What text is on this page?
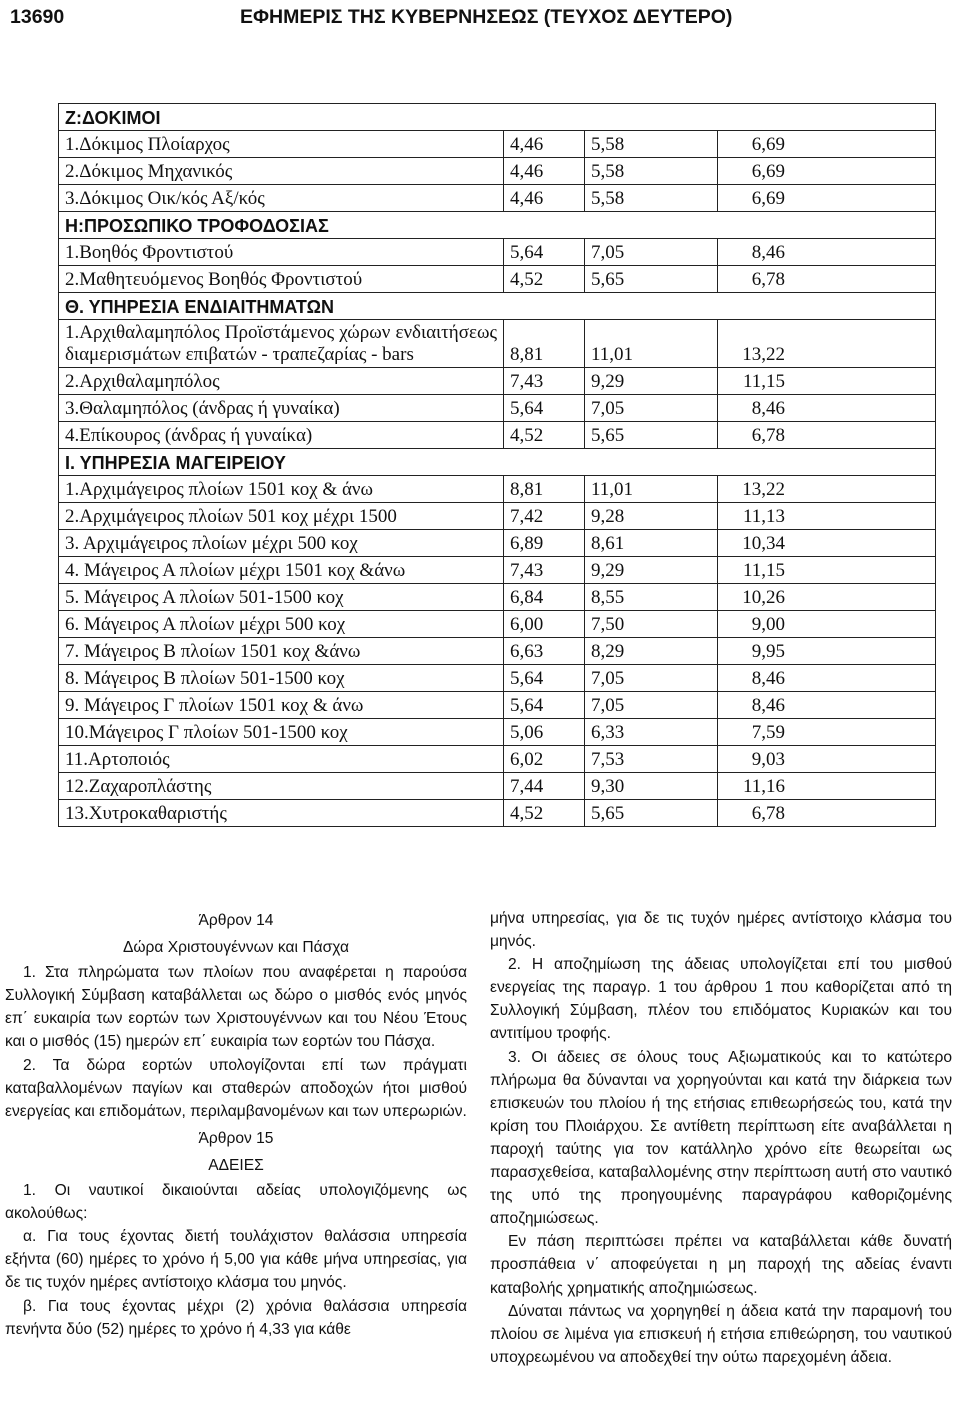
13690	ΕΦΗΜΕΡΙΣ ΤΗΣ ΚΥΒΕΡΝΗΣΕΩΣ (ΤΕΥΧΟΣ ΔΕΥΤΕΡΟ)
Ζ:ΔΟΚΙΜΟΙ			
1.Δόκιμος Πλοίαρχος	4,46	5,58	6,69
2.Δόκιμος Μηχανικός	4,46	5,58	6,69
3.Δόκιμος Οικ/κός Αξ/κός	4,46	5,58	6,69
Η:ΠΡΟΣΩΠΙΚΟ ΤΡΟΦΟΔΟΣΙΑΣ			
1.Βοηθός Φροντιστού	5,64	7,05	8,46
2.Μαθητευόμενος Βοηθός Φροντιστού	4,52	5,65	6,78
Θ. ΥΠΗΡΕΣΙΑ ΕΝΔΙΑΙΤΗΜΑΤΩΝ			
1.Αρχιθαλαμηπόλος Προϊστάμενος χώρων ενδιαιτήσεως διαμερισμάτων επιβατών - τραπεζαρίας - bars	8,81	11,01	13,22
2.Αρχιθαλαμηπόλος	7,43	9,29	11,15
3.Θαλαμηπόλος (άνδρας ή γυναίκα)	5,64	7,05	8,46
4.Επίκουρος (άνδρας ή γυναίκα)	4,52	5,65	6,78
Ι. ΥΠΗΡΕΣΙΑ ΜΑΓΕΙΡΕΙΟΥ			
1.Αρχιμάγειρος πλοίων 1501 κοχ & άνω	8,81	11,01	13,22
2.Αρχιμάγειρος πλοίων 501 κοχ μέχρι 1500	7,42	9,28	11,13
3. Αρχιμάγειρος πλοίων μέχρι 500 κοχ	6,89	8,61	10,34
4. Μάγειρος Α πλοίων μέχρι 1501 κοχ &άνω	7,43	9,29	11,15
5. Μάγειρος Α πλοίων 501-1500 κοχ	6,84	8,55	10,26
6. Μάγειρος Α πλοίων μέχρι 500 κοχ	6,00	7,50	9,00
7. Μάγειρος Β πλοίων 1501 κοχ &άνω	6,63	8,29	9,95
8. Μάγειρος Β πλοίων 501-1500 κοχ	5,64	7,05	8,46
9. Μάγειρος Γ πλοίων 1501 κοχ & άνω	5,64	7,05	8,46
10.Μάγειρος Γ πλοίων 501-1500 κοχ	5,06	6,33	7,59
11.Αρτοποιός	6,02	7,53	9,03
12.Ζαχαροπλάστης	7,44	9,30	11,16
13.Χυτροκαθαριστής	4,52	5,65	6,78

Άρθρον 14

Δώρα Χριστουγέννων και Πάσχα

1. Στα πληρώματα των πλοίων που αναφέρεται η παρούσα Συλλογική Σύμβαση καταβάλλεται ως δώρο ο μισθός ενός μηνός επ΄ ευκαιρία των εορτών των Χριστουγέννων και του Νέου Έτους και ο μισθός (15) ημερών επ΄ ευκαιρία των εορτών του Πάσχα.

2. Τα δώρα εορτών υπολογίζονται επί των πράγματι καταβαλλομένων παγίων και σταθερών αποδοχών ήτοι μισθού ενεργείας και επιδομάτων, περιλαμβανομένων και των υπερωριών.

Άρθρον 15

ΑΔΕΙΕΣ

1. Οι ναυτικοί δικαιούνται αδείας υπολογιζόμενης ως ακολούθως:

α. Για τους έχοντας διετή τουλάχιστον θαλάσσια υπηρεσία εξήντα (60) ημέρες το χρόνο ή 5,00 για κάθε μήνα υπηρεσίας, για δε τις τυχόν ημέρες αντίστοιχο κλάσμα του μηνός.

β. Για τους έχοντας μέχρι (2) χρόνια θαλάσσια υπηρεσία πενήντα δύο (52) ημέρες το χρόνο ή 4,33 για κάθε

μήνα υπηρεσίας, για δε τις τυχόν ημέρες αντίστοιχο κλάσμα του μηνός.

2. Η αποζημίωση της άδειας υπολογίζεται επί του μισθού ενεργείας της παραγρ. 1 του άρθρου 1 που καθορίζεται από τη Συλλογική Σύμβαση, πλέον του επιδόματος Κυριακών και του αντιτίμου τροφής.

3. Οι άδειες σε όλους τους Αξιωματικούς και το κατώτερο πλήρωμα θα δύνανται να χορηγούνται και κατά την διάρκεια των επισκευών του πλοίου ή της ετήσιας επιθεωρήσεώς του, κατά την κρίση του Πλοιάρχου. Σε αντίθετη περίπτωση είτε αναβάλλεται η παροχή ταύτης για τον κατάλληλο χρόνο είτε θεωρείται ως παρασχεθείσα, καταβαλλομένης στην περίπτωση αυτή στο ναυτικό της υπό της προηγουμένης παραγράφου καθοριζομένης αποζημιώσεως.

Εν πάση περιπτώσει πρέπει να καταβάλλεται κάθε δυνατή προσπάθεια ν΄ αποφεύγεται η μη παροχή της αδείας έναντι καταβολής χρηματικής αποζημιώσεως.

Δύναται πάντως να χορηγηθεί η άδεια κατά την παραμονή του πλοίου σε λιμένα για επισκευή ή ετήσια επιθεώρηση, του ναυτικού υποχρεωμένου να αποδεχθεί την ούτω παρεχομένη άδεια.
